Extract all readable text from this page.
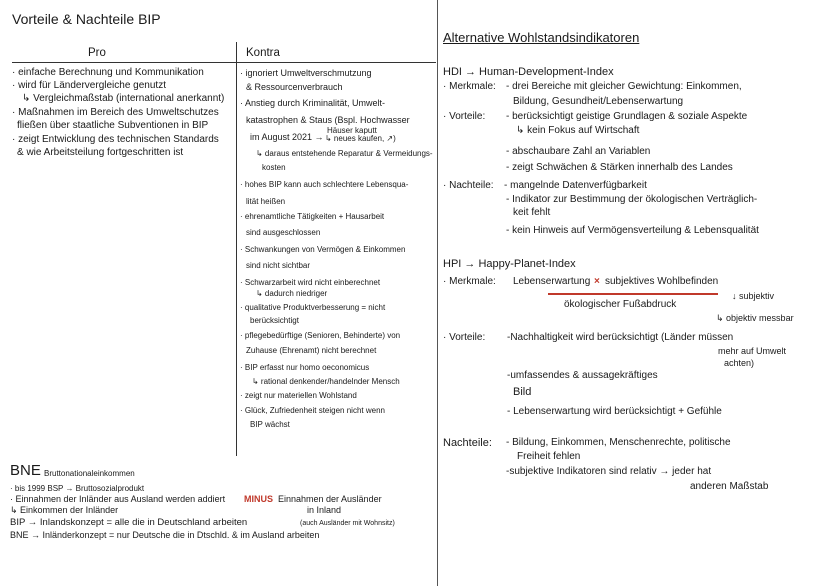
Vorteile & Nachteile BIP
Pro	Kontra
· einfache Berechnung und Kommunikation
· wird für Ländervergleiche genutzt
↳ Vergleichmaßstab (international anerkannt)
· Maßnahmen im Bereich des Umweltschutzes
fließen über staatliche Subventionen in BIP
· zeigt Entwicklung des technischen Standards
& wie Arbeitsteilung fortgeschritten ist
· ignoriert Umweltverschmutzung
& Ressourcenverbrauch
· Anstieg durch Kriminalität, Umwelt-
katastrophen & Staus (Bspl. Hochwasser
im August 2021 →
Häuser kaputt
↳ neues kaufen, ↗)
↳ daraus entstehende Reparatur & Vermeidungs-
kosten
· hohes BIP kann auch schlechtere Lebensqua-
lität heißen
· ehrenamtliche Tätigkeiten + Hausarbeit
sind ausgeschlossen
· Schwankungen von Vermögen & Einkommen
sind nicht sichtbar
· Schwarzarbeit wird nicht einberechnet
↳ dadurch niedriger
· qualitative Produktverbesserung = nicht
berücksichtigt
· pflegebedürftige (Senioren, Behinderte) von
Zuhause (Ehrenamt) nicht berechnet
· BIP erfasst nur homo oeconomicus
↳ rational denkender/handelnder Mensch
· zeigt nur materiellen Wohlstand
· Glück, Zufriedenheit steigen nicht wenn
BIP wächst
BNE Bruttonationaleinkommen
· bis 1999 BSP → Bruttosozialprodukt
· Einnahmen der Inländer aus Ausland werden addiert MINUS Einnahmen der Ausländer
↳ Einkommen der Inländer	in Inland
BIP → Inlandskonzept = alle die in Deutschland arbeiten	(auch Ausländer mit Wohnsitz)
BNE → Inländerkonzept = nur Deutsche die in Dtschld. & im Ausland arbeiten
Alternative Wohlstandsindikatoren
HDI → Human-Development-Index
· Merkmale: - drei Bereiche mit gleicher Gewichtung: Einkommen,
Bildung, Gesundheit/Lebenserwartung
· Vorteile: - berücksichtigt geistige Grundlagen & soziale Aspekte
↳ kein Fokus auf Wirtschaft
- abschaubare Zahl an Variablen
- zeigt Schwächen & Stärken innerhalb des Landes
· Nachteile: - mangelnde Datenverfügbarkeit
- Indikator zur Bestimmung der ökologischen Verträglich-
keit fehlt
- kein Hinweis auf Vermögensverteilung & Lebensqualität
HPI → Happy-Planet-Index
· Merkmale: Lebenserwartung × subjektives Wohlbefinden
ökologischer Fußabdruck
↓ subjektiv
↳ objektiv messbar
· Vorteile: -Nachhaltigkeit wird berücksichtigt (Länder müssen
mehr auf Umwelt
achten)
-umfassendes & aussagekräftiges
Bild
- Lebenserwartung wird berücksichtigt + Gefühle
Nachteile: - Bildung, Einkommen, Menschenrechte, politische
Freiheit fehlen
-subjektive Indikatoren sind relativ → jeder hat
anderen Maßstab
